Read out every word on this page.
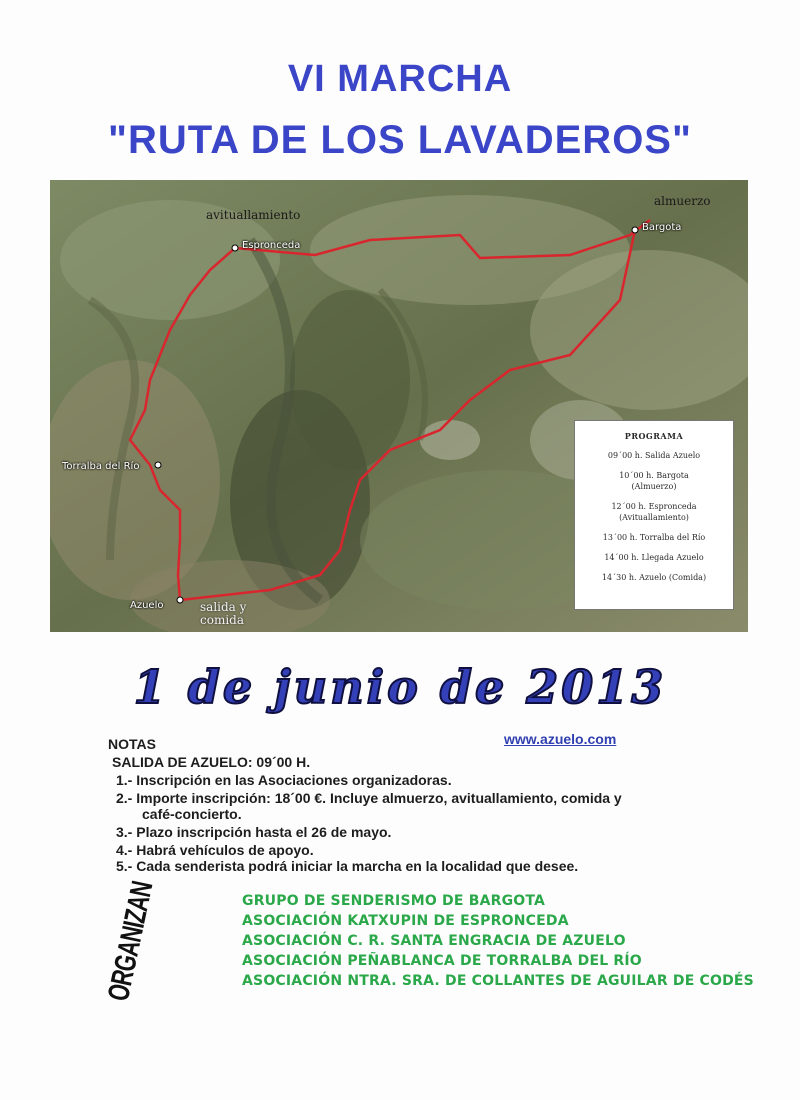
VI MARCHA
"RUTA DE LOS LAVADEROS"
avituallamiento
almuerzo
salida y
comida
Espronceda
Bargota
Torralba del Río
Azuelo
PROGRAMA
09´00 h. Salida Azuelo
10´00 h. Bargota
(Almuerzo)
12´00 h. Espronceda
(Avituallamiento)
13´00 h. Torralba del Río
14´00 h. Llegada Azuelo
14´30 h. Azuelo (Comida)
1 de junio de 2013
NOTAS
SALIDA DE AZUELO: 09´00 H.
1.- Inscripción en las Asociaciones organizadoras.
2.- Importe inscripción: 18´00 €. Incluye almuerzo, avituallamiento, comida y
café-concierto.
3.- Plazo inscripción hasta el 26 de mayo.
4.- Habrá vehículos de apoyo.
5.- Cada senderista podrá iniciar la marcha en la localidad que desee.
www.azuelo.com
ORGANIZAN	GRUPO DE SENDERISMO DE BARGOTA
ASOCIACIÓN KATXUPIN DE ESPRONCEDA
ASOCIACIÓN C. R. SANTA ENGRACIA DE AZUELO
ASOCIACIÓN PEÑABLANCA DE TORRALBA DEL RÍO
ASOCIACIÓN NTRA. SRA. DE COLLANTES DE AGUILAR DE CODÉS
